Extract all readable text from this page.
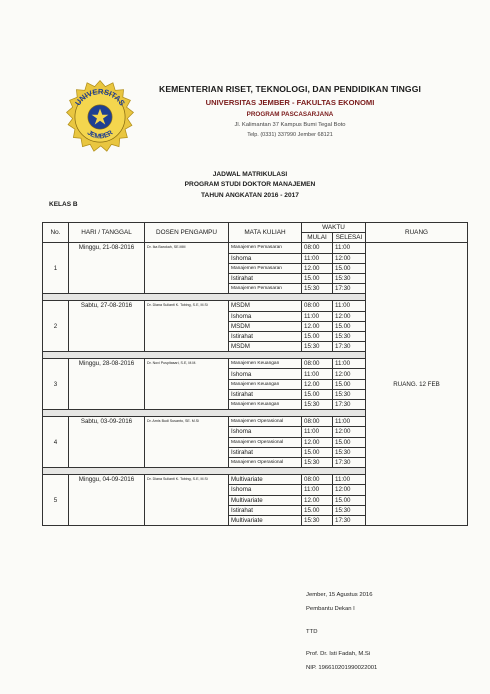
UNIVERSITAS
JEMBER
KEMENTERIAN RISET, TEKNOLOGI, DAN PENDIDIKAN TINGGI
UNIVERSITAS JEMBER - FAKULTAS EKONOMI
PROGRAM PASCASARJANA
Jl. Kalimantan 37 Kampus Bumi Tegal Boto
Telp. (0331) 337990 Jember 68121
JADWAL MATRIKULASI
PROGRAM STUDI DOKTOR MANAJEMEN
TAHUN ANGKATAN 2016 - 2017
KELAS B
No.	HARI / TANGGAL	DOSEN PENGAMPU	MATA KULIAH	WAKTU		RUANG
				MULAI	SELESAI	
1	Minggu, 21-08-2016	Dr. Ika Barokah, SE.MM	Manajemen Pemasaran	08:00	11:00	RUANG. 12 FEB
			Ishoma	11:00	12:00	
			Manajemen Pemasaran	12.00	15.00	
			Istirahat	15.00	15:30	
			Manajemen Pemasaran	15:30	17:30	

2	Sabtu, 27-08-2016	Dr. Diana Sulianti K. Tobing, S.E, M.Si	MSDM	08:00	11:00	
			Ishoma	11:00	12:00	
			MSDM	12.00	15.00	
			Istirahat	15.00	15:30	
			MSDM	15:30	17:30	

3	Minggu, 28-08-2016	Dr. Novi Puspitasari, S.E, M.M.	Manajemen Keuangan	08:00	11:00	
			Ishoma	11:00	12:00	
			Manajemen Keuangan	12.00	15.00	
			Istirahat	15.00	15:30	
			Manajemen Keuangan	15:30	17:30	

4	Sabtu, 03-09-2016	Dr. Arnis Budi Susanto, SE. M.Si	Manajemen Operasional	08:00	11:00	
			Ishoma	11:00	12:00	
			Manajemen Operasional	12.00	15.00	
			Istirahat	15.00	15:30	
			Manajemen Operasional	15:30	17:30	

5	Minggu, 04-09-2016	Dr. Diana Sulianti K. Tobing, S.E, M.Si	Multivariate	08:00	11:00	
			Ishoma	11:00	12:00	
			Multivariate	12.00	15.00	
			Istirahat	15.00	15:30	
			Multivariate	15:30	17:30	
Jember, 15 Agustus 2016
Pembantu Dekan I
TTD
Prof. Dr. Isti Fadah, M.Si
NIP. 196610201990022001
